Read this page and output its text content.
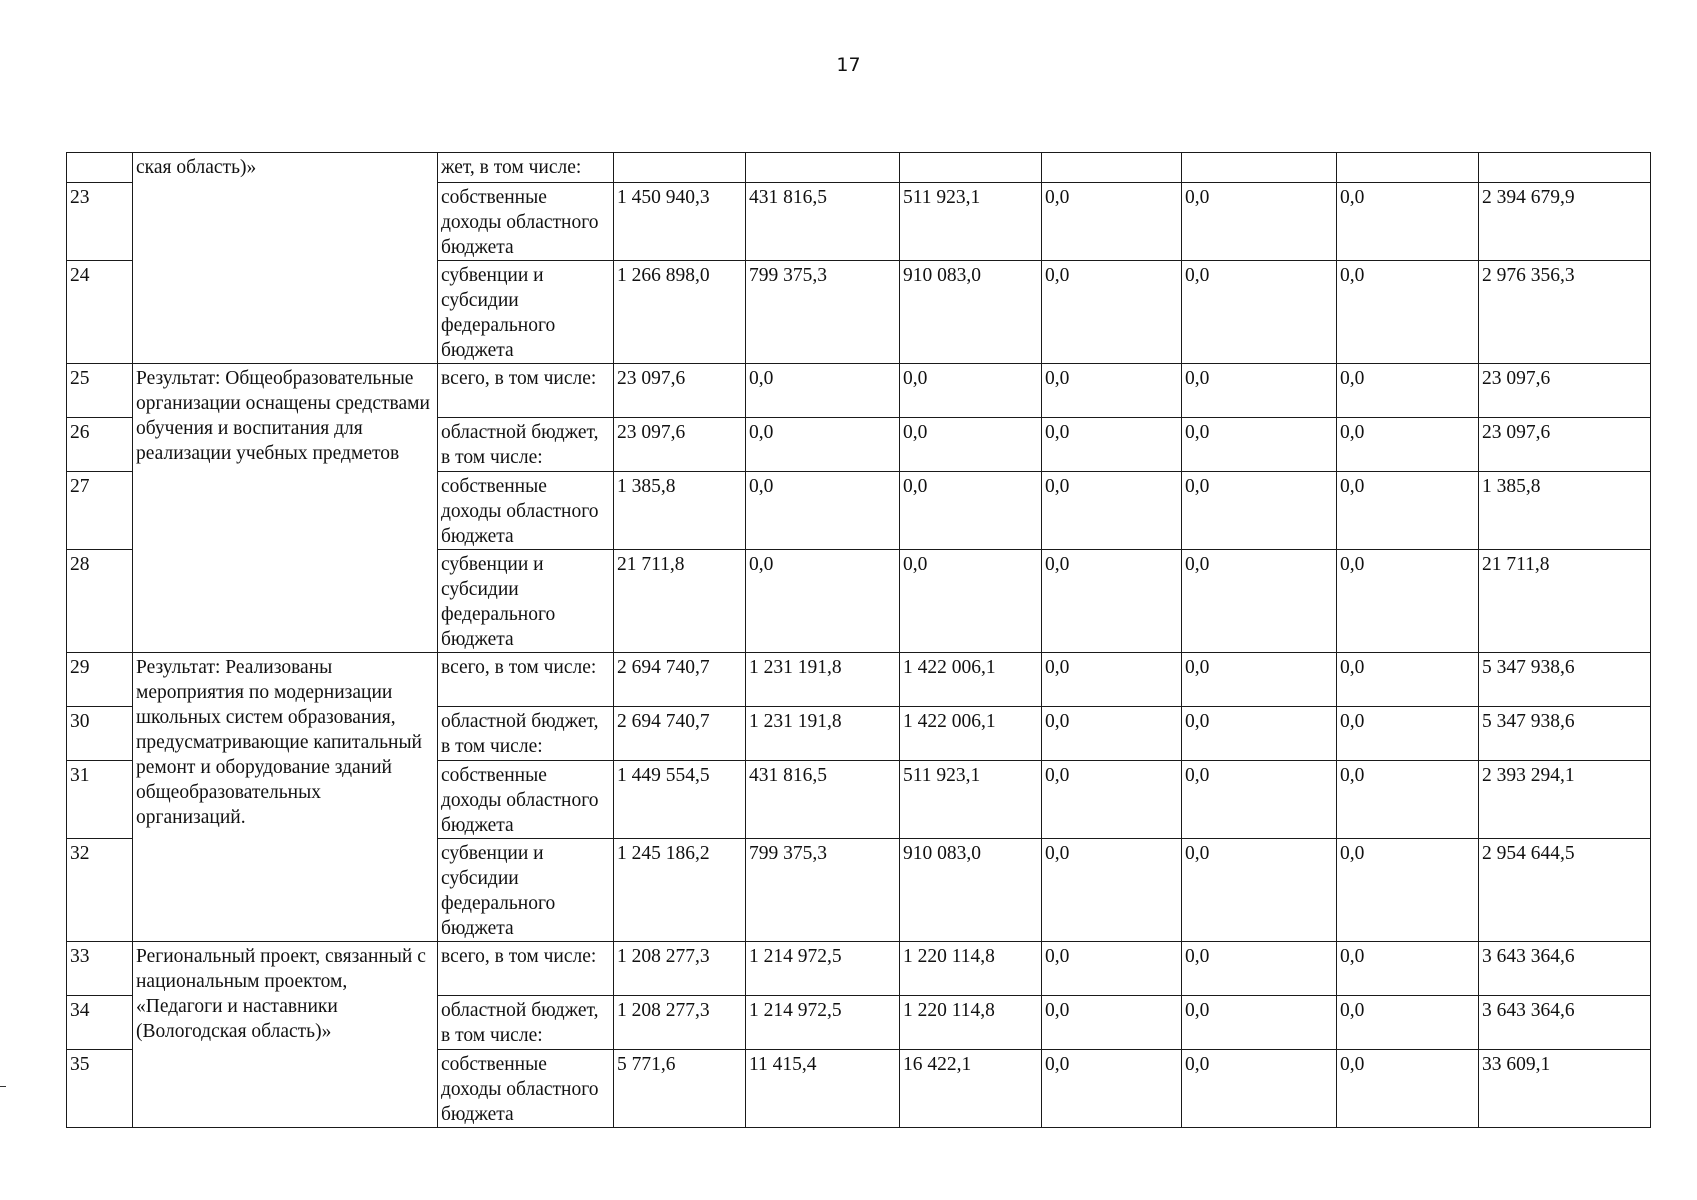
17
	ская область)»	жет, в том числе:							
23		собственные доходы областного бюджета	1 450 940,3	431 816,5	511 923,1	0,0	0,0	0,0	2 394 679,9
24		субвенции и субсидии федерального бюджета	1 266 898,0	799 375,3	910 083,0	0,0	0,0	0,0	2 976 356,3
25	Результат: Общеобразовательные организации оснащены средствами обучения и воспитания для реализации учебных предметов	всего, в том числе:	23 097,6	0,0	0,0	0,0	0,0	0,0	23 097,6
26		областной бюджет, в том числе:	23 097,6	0,0	0,0	0,0	0,0	0,0	23 097,6
27		собственные доходы областного бюджета	1 385,8	0,0	0,0	0,0	0,0	0,0	1 385,8
28		субвенции и субсидии федерального бюджета	21 711,8	0,0	0,0	0,0	0,0	0,0	21 711,8
29	Результат: Реализованы мероприятия по модернизации школьных систем образования, предусматривающие капитальный ремонт и оборудование зданий общеобразовательных организаций.	всего, в том числе:	2 694 740,7	1 231 191,8	1 422 006,1	0,0	0,0	0,0	5 347 938,6
30		областной бюджет, в том числе:	2 694 740,7	1 231 191,8	1 422 006,1	0,0	0,0	0,0	5 347 938,6
31		собственные доходы областного бюджета	1 449 554,5	431 816,5	511 923,1	0,0	0,0	0,0	2 393 294,1
32		субвенции и субсидии федерального бюджета	1 245 186,2	799 375,3	910 083,0	0,0	0,0	0,0	2 954 644,5
33	Региональный проект, связанный с национальным проектом, «Педагоги и наставники (Вологодская область)»	всего, в том числе:	1 208 277,3	1 214 972,5	1 220 114,8	0,0	0,0	0,0	3 643 364,6
34		областной бюджет, в том числе:	1 208 277,3	1 214 972,5	1 220 114,8	0,0	0,0	0,0	3 643 364,6
35		собственные доходы областного бюджета	5 771,6	11 415,4	16 422,1	0,0	0,0	0,0	33 609,1
